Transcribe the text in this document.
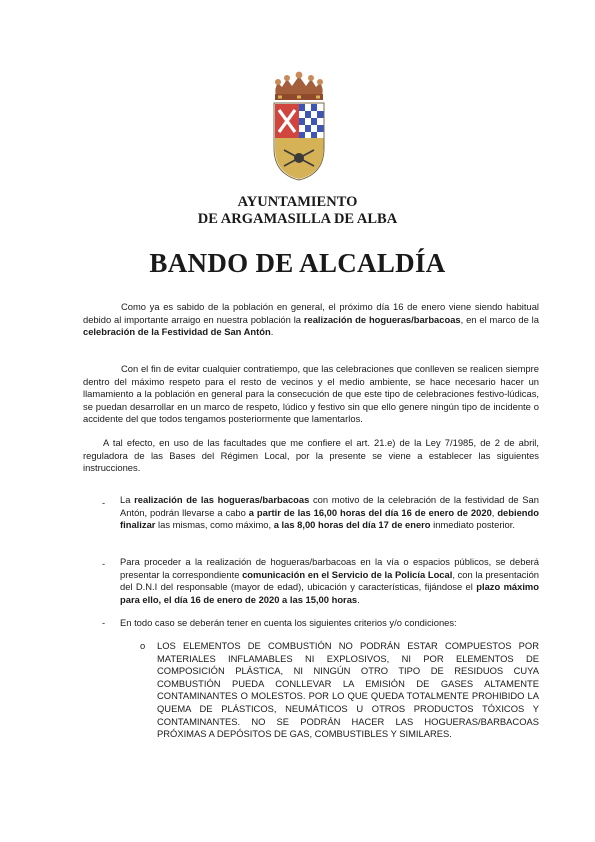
AYUNTAMIENTO
DE ARGAMASILLA DE ALBA
BANDO DE ALCALDÍA

Como ya es sabido de la población en general, el próximo día 16 de enero viene siendo habitual debido al importante arraigo en nuestra población la realización de hogueras/barbacoas, en el marco de la celebración de la Festividad de San Antón.

Con el fin de evitar cualquier contratiempo, que las celebraciones que conlleven se realicen siempre dentro del máximo respeto para el resto de vecinos y el medio ambiente, se hace necesario hacer un llamamiento a la población en general para la consecución de que este tipo de celebraciones festivo-lúdicas, se puedan desarrollar en un marco de respeto, lúdico y festivo sin que ello genere ningún tipo de incidente o accidente del que todos tengamos posteriormente que lamentarlos.

A tal efecto, en uso de las facultades que me confiere el art. 21.e) de la Ley 7/1985, de 2 de abril, reguladora de las Bases del Régimen Local, por la presente se viene a establecer las siguientes instrucciones.

- La realización de las hogueras/barbacoas con motivo de la celebración de la festividad de San Antón, podrán llevarse a cabo a partir de las 16,00 horas del día 16 de enero de 2020, debiendo finalizar las mismas, como máximo, a las 8,00 horas del día 17 de enero inmediato posterior.

- Para proceder a la realización de hogueras/barbacoas en la vía o espacios públicos, se deberá presentar la correspondiente comunicación en el Servicio de la Policía Local, con la presentación del D.N.I del responsable (mayor de edad), ubicación y características, fijándose el plazo máximo para ello, el día 16 de enero de 2020 a las 15,00 horas.

- En todo caso se deberán tener en cuenta los siguientes criterios y/o condiciones:

o LOS ELEMENTOS DE COMBUSTIÓN NO PODRÁN ESTAR COMPUESTOS POR MATERIALES INFLAMABLES NI EXPLOSIVOS, NI POR ELEMENTOS DE COMPOSICIÓN PLÁSTICA, NI NINGÚN OTRO TIPO DE RESIDUOS CUYA COMBUSTIÓN PUEDA CONLLEVAR LA EMISIÓN DE GASES ALTAMENTE CONTAMINANTES O MOLESTOS. POR LO QUE QUEDA TOTALMENTE PROHIBIDO LA QUEMA DE PLÁSTICOS, NEUMÁTICOS U OTROS PRODUCTOS TÓXICOS Y CONTAMINANTES. NO SE PODRÁN HACER LAS HOGUERAS/BARBACOAS PRÓXIMAS A DEPÓSITOS DE GAS, COMBUSTIBLES Y SIMILARES.
